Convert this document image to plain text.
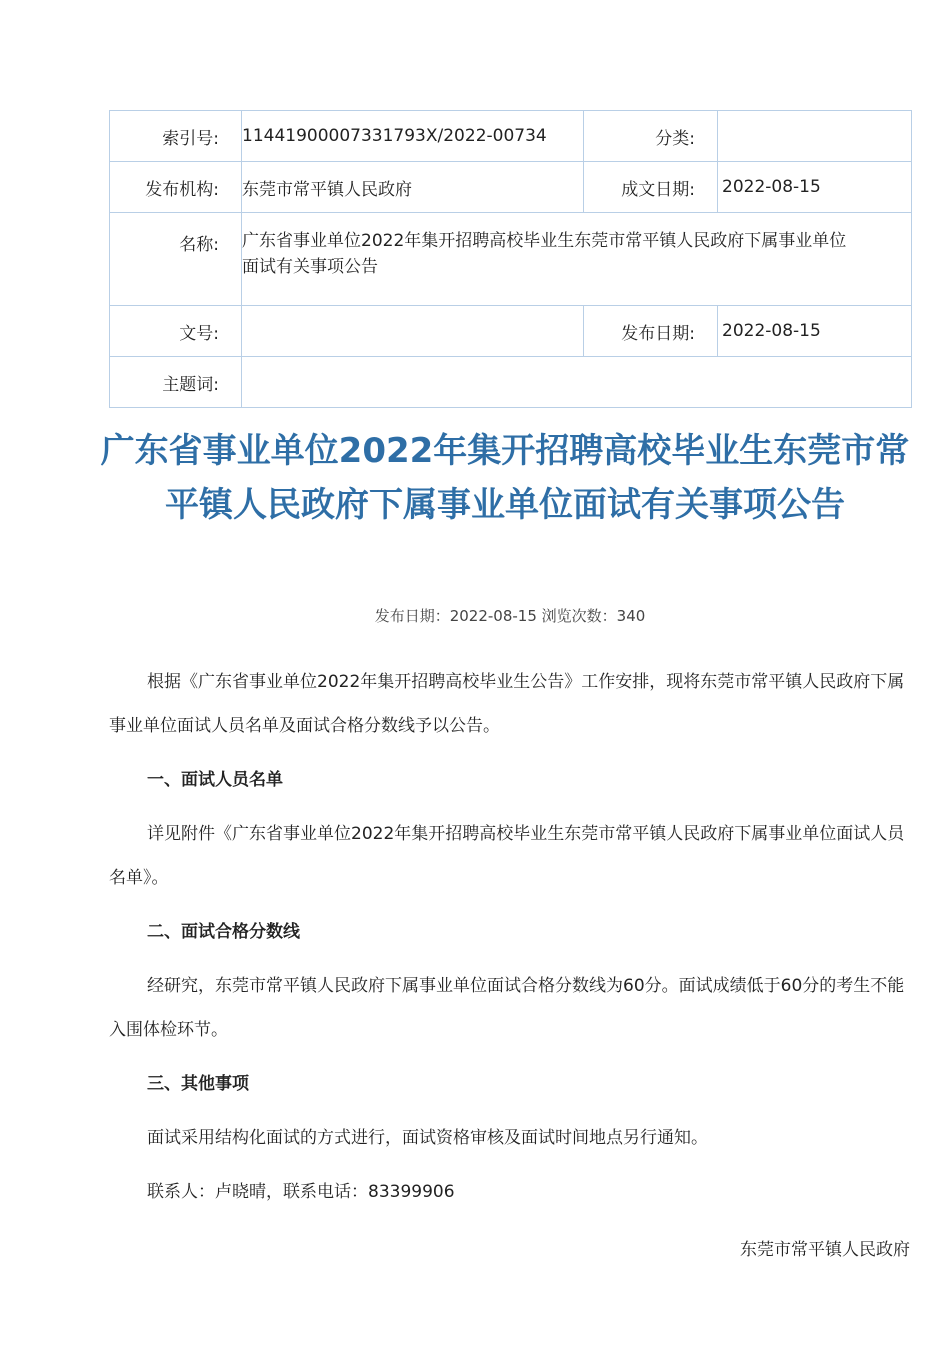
索引号:	11441900007331793X/2022-00734	分类:	
发布机构:	东莞市常平镇人民政府	成文日期:	2022-08-15
名称:	广东省事业单位2022年集开招聘高校毕业生东莞市常平镇人民政府下属事业单位面试有关事项公告		

文号:		发布日期:	2022-08-15
主题词:			
广东省事业单位2022年集开招聘高校毕业生东莞市常平镇人民政府下属事业单位面试有关事项公告
发布日期：2022-08-15 浏览次数：340

根据《广东省事业单位2022年集开招聘高校毕业生公告》工作安排，现将东莞市常平镇人民政府下属事业单位面试人员名单及面试合格分数线予以公告。

一、面试人员名单

详见附件《广东省事业单位2022年集开招聘高校毕业生东莞市常平镇人民政府下属事业单位面试人员名单》。

二、面试合格分数线

经研究，东莞市常平镇人民政府下属事业单位面试合格分数线为60分。面试成绩低于60分的考生不能入围体检环节。

三、其他事项

面试采用结构化面试的方式进行，面试资格审核及面试时间地点另行通知。

联系人：卢晓晴，联系电话：83399906

东莞市常平镇人民政府
